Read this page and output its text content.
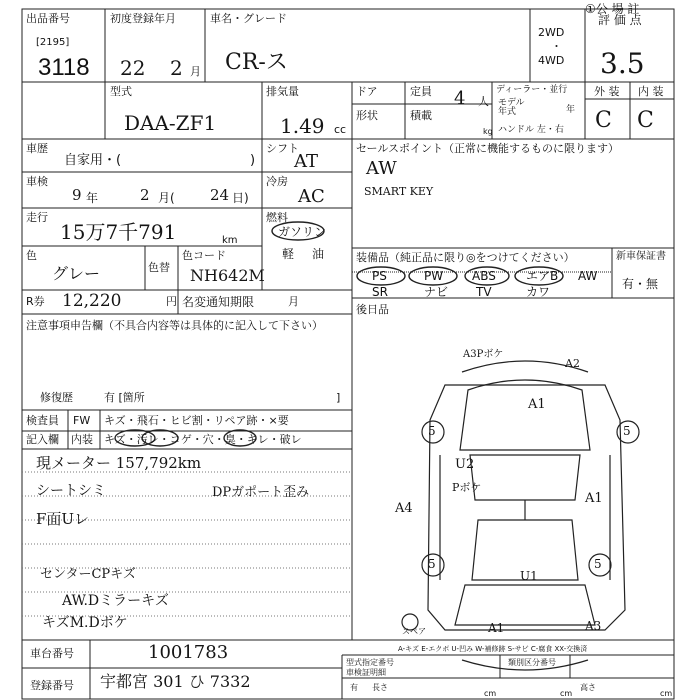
出品番号
[2195]
3118
初度登録年月
22 2 月
車名・グレード
CR-ス
2WD
・
4WD
①公 場 註
評 価 点
3.5
型式
DAA-ZF1
排気量
1.49 cc
ドア	定員 4 人
形状	積載
kg
ディーラー・並行
モデル
年式	年
ハンドル 左・右
外 装 内 装
C C
車歴
自家用・(	)
車検
9 年	2 月( 24 日)
走行
15万7千791	km
シフト
AT
冷房
AC
燃料
ガソリン
軽 油
色
グレー	色替
色コード
NH642M
R券 12,220	円 名変通知期限	月
セールスポイント（正常に機能するものに限ります）
AW
SMART KEY
装備品（純正品に限り◎をつけてください）	新車保証書
有・無
PS	PW ABS	エアB AW
SR	ナビ TV	カワ
後日品
注意事項申告欄（不具合内容等は具体的に記入して下さい）
修復歴	有 [箇所	]
検査員
記入欄
FW キズ・飛石・ヒビ割・リペア跡・×要
内装 キズ・汚レ・コゲ・穴・臭・キレ・破レ
現メーター 157,792km
シートシミ
F面Uレ
DPガポート歪み
センターCPキズ
AW.Dミラーキズ
キズM.Dボケ
A3Pボケ
A2
A1
5	5
U2
Pボケ
A1
A4
5	5
U1
A1	A3
スペア
A-キズ E-エクボ U-凹み W-補修跡 S-サビ C-腐食 XX-交換済
車台番号	1001783
登録番号 宇都宮 301 ひ 7332
型式指定番号	類別区分番号
車検証明細
有 長さ
cm	cm
高さ
cm
